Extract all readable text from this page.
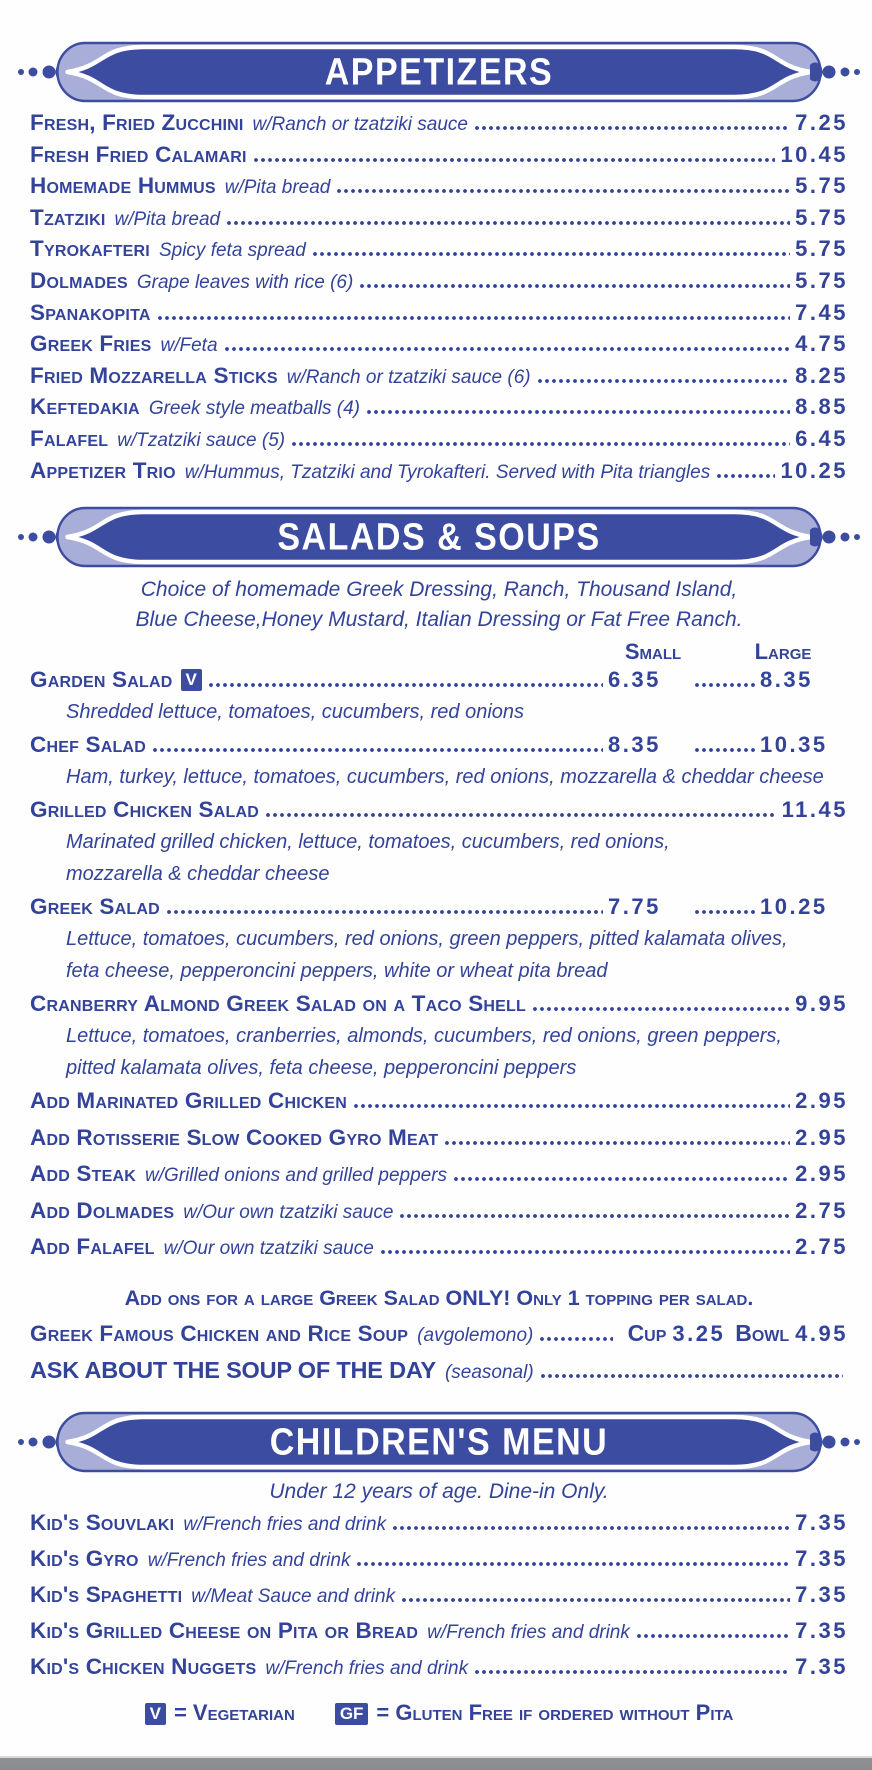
APPETIZERS
Fresh, Fried Zucchini w/Ranch or tzatziki sauce	7.25
Fresh Fried Calamari	10.45
Homemade Hummus w/Pita bread	5.75
Tzatziki w/Pita bread	5.75
Tyrokafteri Spicy feta spread	5.75
Dolmades Grape leaves with rice (6)	5.75
Spanakopita	7.45
Greek Fries w/Feta	4.75
Fried Mozzarella Sticks w/Ranch or tzatziki sauce (6)	8.25
Keftedakia Greek style meatballs (4)	8.85
Falafel w/Tzatziki sauce (5)	6.45
Appetizer Trio w/Hummus, Tzatziki and Tyrokafteri. Served with Pita triangles	10.25
SALADS & SOUPS
Choice of homemade Greek Dressing, Ranch, Thousand Island,
Blue Cheese,Honey Mustard, Italian Dressing or Fat Free Ranch.
Small	Large
Garden Salad V	6.35	8.35
Shredded lettuce, tomatoes, cucumbers, red onions
Chef Salad	8.35	10.35
Ham, turkey, lettuce, tomatoes, cucumbers, red onions, mozzarella & cheddar cheese
Grilled Chicken Salad	11.45
Marinated grilled chicken, lettuce, tomatoes, cucumbers, red onions,
mozzarella & cheddar cheese
Greek Salad	7.75	10.25
Lettuce, tomatoes, cucumbers, red onions, green peppers, pitted kalamata olives,
feta cheese, pepperoncini peppers, white or wheat pita bread
Cranberry Almond Greek Salad on a Taco Shell	9.95
Lettuce, tomatoes, cranberries, almonds, cucumbers, red onions, green peppers,
pitted kalamata olives, feta cheese, pepperoncini peppers
Add Marinated Grilled Chicken	2.95
Add Rotisserie Slow Cooked Gyro Meat	2.95
Add Steak w/Grilled onions and grilled peppers	2.95
Add Dolmades w/Our own tzatziki sauce	2.75
Add Falafel w/Our own tzatziki sauce	2.75
Add ons for a large Greek Salad ONLY! Only 1 topping per salad.
Greek Famous Chicken and Rice Soup (avgolemono)	Cup 3.25 Bowl 4.95
ASK ABOUT THE SOUP OF THE DAY (seasonal)
CHILDREN'S MENU
Under 12 years of age. Dine-in Only.
Kid's Souvlaki w/French fries and drink	7.35
Kid's Gyro w/French fries and drink	7.35
Kid's Spaghetti w/Meat Sauce and drink	7.35
Kid's Grilled Cheese on Pita or Bread w/French fries and drink	7.35
Kid's Chicken Nuggets w/French fries and drink	7.35
V = Vegetarian	GF = Gluten Free if ordered without Pita
